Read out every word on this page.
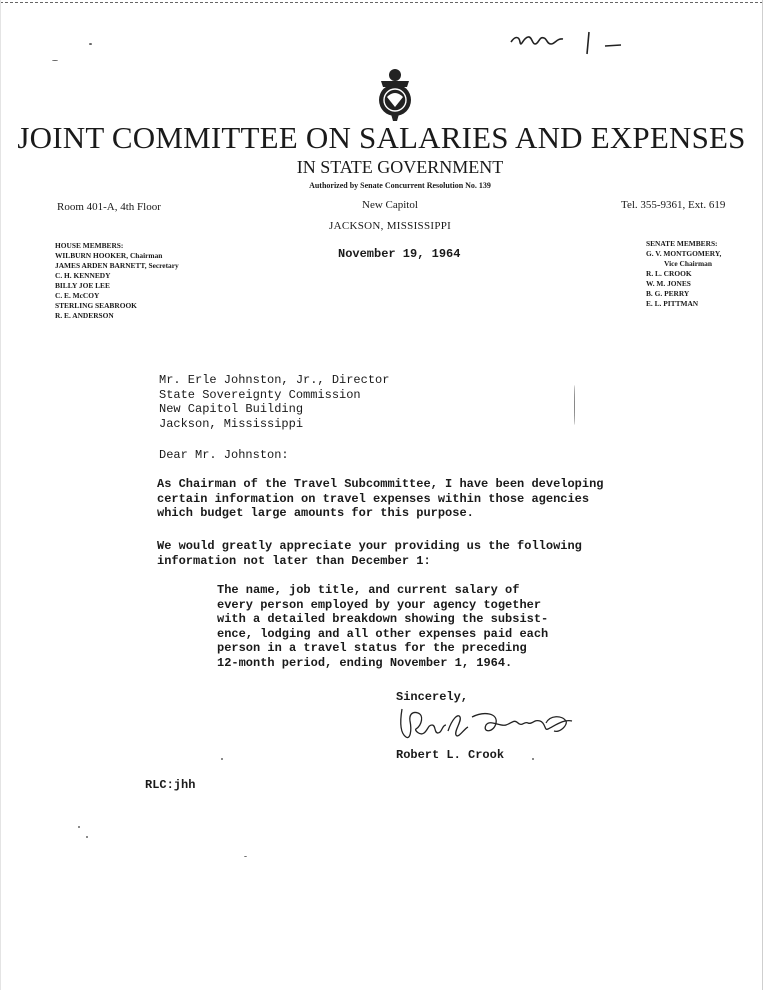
JOINT COMMITTEE ON SALARIES AND EXPENSES
IN STATE GOVERNMENT
Authorized by Senate Concurrent Resolution No. 139
Room 401-A, 4th Floor	New Capitol	Tel. 355-9361, Ext. 619
JACKSON, MISSISSIPPI
HOUSE MEMBERS:
WILBURN HOOKER, Chairman
JAMES ARDEN BARNETT, Secretary
C. H. KENNEDY
BILLY JOE LEE
C. E. McCOY
STERLING SEABROOK
R. E. ANDERSON
SENATE MEMBERS:
G. V. MONTGOMERY,
Vice Chairman
R. L. CROOK
W. M. JONES
B. G. PERRY
E. L. PITTMAN
November 19, 1964
Mr. Erle Johnston, Jr., Director
State Sovereignty Commission
New Capitol Building
Jackson, Mississippi
Dear Mr. Johnston:
As Chairman of the Travel Subcommittee, I have been developing
certain information on travel expenses within those agencies
which budget large amounts for this purpose.
We would greatly appreciate your providing us the following
information not later than December 1:
The name, job title, and current salary of
every person employed by your agency together
with a detailed breakdown showing the subsist-
ence, lodging and all other expenses paid each
person in a travel status for the preceding
12-month period, ending November 1, 1964.
Sincerely,
Robert L. Crook
RLC:jhh
